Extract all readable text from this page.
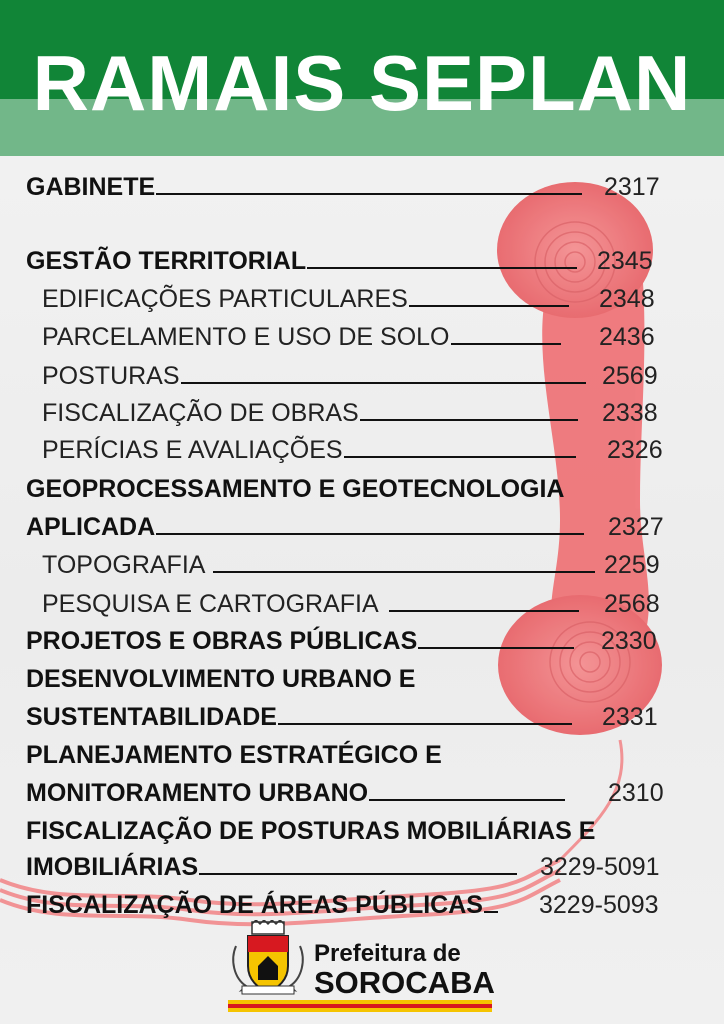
RAMAIS SEPLAN
GABINETE	2317
GESTÃO TERRITORIAL	2345
EDIFICAÇÕES PARTICULARES	2348
PARCELAMENTO E USO DE SOLO	2436
POSTURAS	2569
FISCALIZAÇÃO DE OBRAS	2338
PERÍCIAS E AVALIAÇÕES	2326
GEOPROCESSAMENTO E GEOTECNOLOGIA
APLICADA	2327
TOPOGRAFIA	2259
PESQUISA E CARTOGRAFIA	2568
PROJETOS E OBRAS PÚBLICAS	2330
DESENVOLVIMENTO URBANO E
SUSTENTABILIDADE	2331
PLANEJAMENTO ESTRATÉGICO E
MONITORAMENTO URBANO	2310
FISCALIZAÇÃO DE POSTURAS MOBILIÁRIAS E
IMOBILIÁRIAS	3229-5091
FISCALIZAÇÃO DE ÁREAS PÚBLICAS 3229-5093
Prefeitura de
SOROCABA
